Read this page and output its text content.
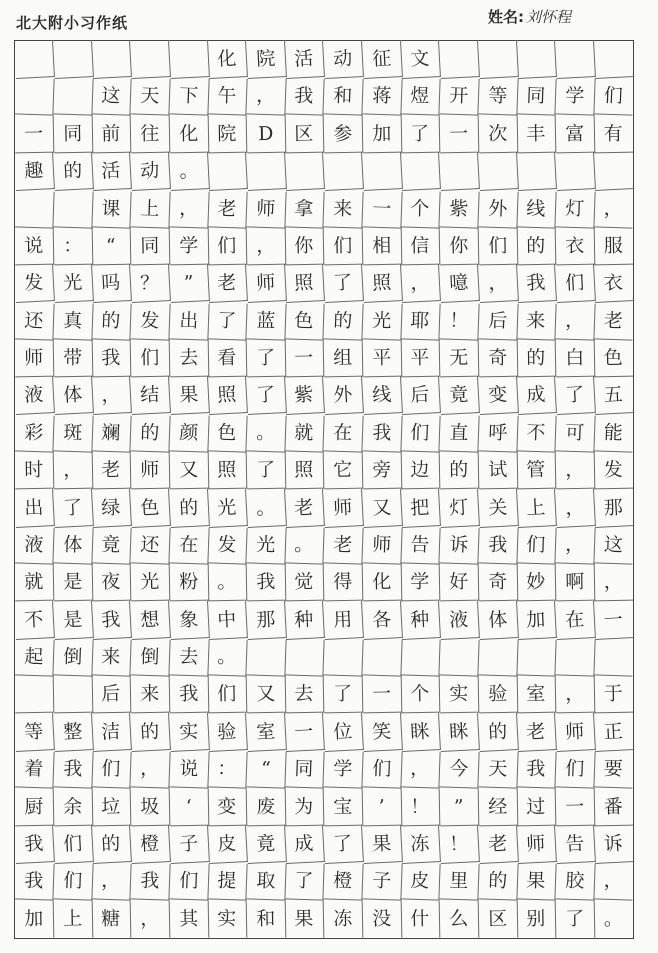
北大附小习作纸	姓名: 刘怀程

化 院 活 动 征 文

这 天 下 午 ， 我 和 蒋 煜 开 等 同 学	们
一	同	前	往	化	院	D	区	参	加	了	一	次	丰	富	有
趣 的 活 动 。

课 上 ， 老 师 拿 来 一 个 紫 外 线 灯	，
说	：	“	同	学	们	，	你	们	相	信	你	们	的	衣	服
发 光 吗 ？	”	老 师 照 了 照 ， 噫 ， 我 们 衣
还 真 的 发 出 了 蓝 色 的 光 耶 ！ 后 来 ，	老
师	带	我	们	去	看	了	一	组	平	平	无	奇	的	白	色
液 体 ， 结 果 照 了 紫 外 线 后 竟 变 成 了 五
彩 斑 斓 的 颜 色 。 就 在 我 们 直 呼 不 可	能
时	，	老	师	又	照	了	照	它	旁	边	的	试	管	，	发
出 了 绿 色 的 光 。 老 师 又 把 灯 关 上 ， 那
液 体 竟 还 在 发 光 。 老 师 告 诉 我 们 ，	这
就	是	夜	光	粉	。	我	觉	得	化	学	好	奇	妙	啊	，
不 是 我 想 象 中 那 种 用 各 种 液 体 加 在 一
起 倒 来 倒 去 。

后	来	我	们	又	去	了	一	个	实	验	室	，	于
等 整 洁 的 实 验 室 一 位 笑 眯 眯 的 老 师 正
着 我 们 ， 说 ：	“	同 学 们 ， 今 天 我 们	要
厨	余	垃	圾	‘	变	废	为	宝	’	！	”	经	过	一	番
我 们 的 橙 子 皮 竟 成 了 果 冻 ！ 老 师 告 诉
我 们 ， 我 们 提 取 了 橙 子 皮 里 的 果 胶	，
加	上	糖	，	其	实	和	果	冻	没	什	么	区	别	了	。
